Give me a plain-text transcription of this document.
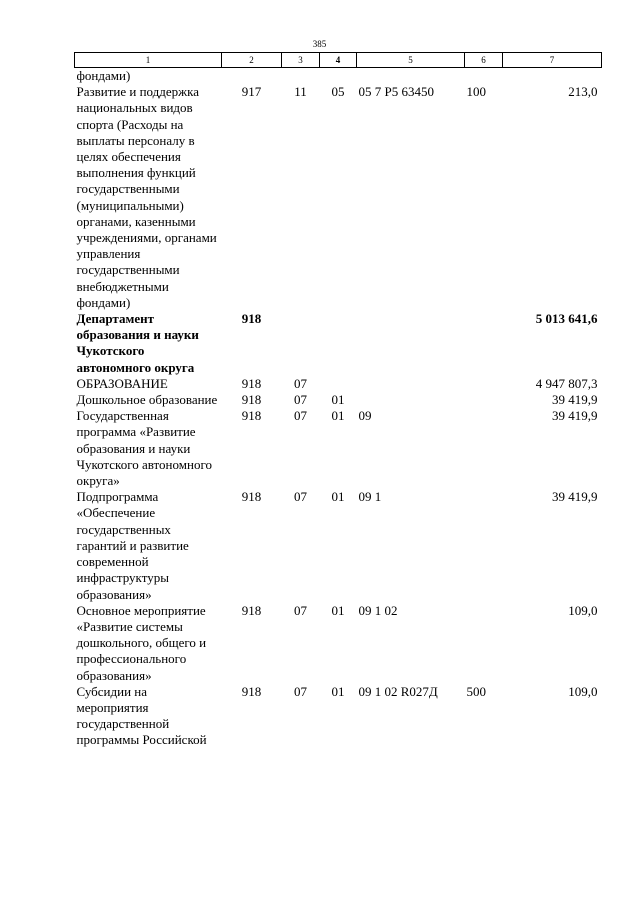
385
1	2	3	4	5	6	7
фондами)						
Развитие и поддержка национальных видов спорта (Расходы на выплаты персоналу в целях обеспечения выполнения функций государственными (муниципальными) органами, казенными учреждениями, органами управления государственными внебюджетными фондами)	917	11	05	05 7 Р5 63450	100	213,0
Департамент образования и науки Чукотского автономного округа	918					5 013 641,6
ОБРАЗОВАНИЕ	918	07				4 947 807,3
Дошкольное образование	918	07	01			39 419,9
Государственная программа «Развитие образования и науки Чукотского автономного округа»	918	07	01	09		39 419,9
Подпрограмма «Обеспечение государственных гарантий и развитие современной инфраструктуры образования»	918	07	01	09 1		39 419,9
Основное мероприятие «Развитие системы дошкольного, общего и профессионального образования»	918	07	01	09 1 02		109,0
Субсидии на мероприятия государственной программы Российской	918	07	01	09 1 02 R027Д	500	109,0
